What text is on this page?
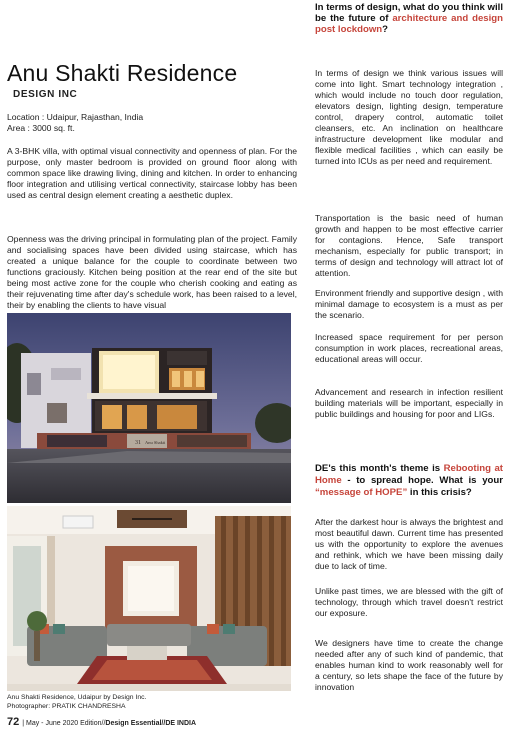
Anu Shakti Residence
DESIGN INC
Location : Udaipur, Rajasthan, India
Area : 3000 sq. ft.

A 3-BHK villa, with optimal visual connectivity and openness of plan. For the purpose, only master bedroom is provided on ground floor along with common space like drawing living, dining and kitchen. In order to enhancing floor integration and utilising vertical connectivity, staircase lobby has been used as central design element creating a aesthetic duplex.

Openness was the driving principal in formulating plan of the project. Family and socialising spaces have been divided using staircase, which has created a unique balance for the couple to coordinate between two functions graciously. Kitchen being position at the rear end of the site but being most active zone for the couple who cherish cooking and eating as their rejuvenating time after day's schedule work, has been raised to a level, their by enabling the clients to have visual

31 Anu Shakti
Anu Shakti Residence, Udaipur by Design Inc.
Photographer: PRATIK CHANDRESHA
72 | May - June 2020 Edition//Design Essential//DE INDIA

In terms of design, what do you think will be the future of architecture and design post lockdown?

In terms of design we think various issues will come into light. Smart technology integration , which would include no touch door regulation, elevators design, lighting design, temperature control, drapery control, automatic toilet cleansers, etc. An inclination on healthcare infrastructure development like modular and flexible medical facilities , which can easily be turned into ICUs as per need and requirement.

Transportation is the basic need of human growth and happen to be most effective carrier for contagions. Hence, Safe transport mechanism, especially for public transport; in terms of design and technology will attract lot of attention.

Environment friendly and supportive design , with minimal damage to ecosystem is a must as per the scenario.

Increased space requirement for per person consumption in work places, recreational areas, educational areas will occur.

Advancement and research in infection resilient building materials will be important, especially in public buildings and housing for poor and LIGs.

DE's this month's theme is Rebooting at Home - to spread hope. What is your “message of HOPE” in this crisis?

After the darkest hour is always the brightest and most beautiful dawn. Current time has presented us with the opportunity to explore the avenues and rethink, which we have been missing daily due to lack of time.

Unlike past times, we are blessed with the gift of technology, through which travel doesn't restrict our exposure.

We designers have time to create the change needed after any of such kind of pandemic, that enables human kind to work reasonably well for a century, so lets shape the face of the future by innovation
